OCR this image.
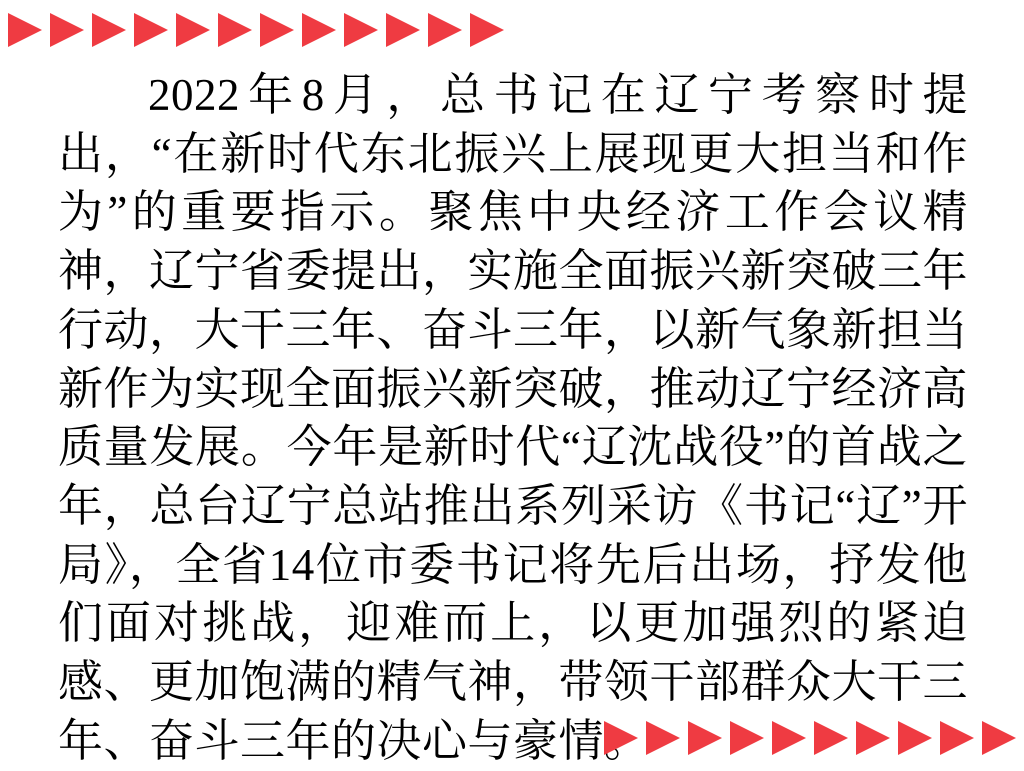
2022年8月，总书记在辽宁考察时提出，“在新时代东北振兴上展现更大担当和作为”的重要指示。聚焦中央经济工作会议精神，辽宁省委提出，实施全面振兴新突破三年行动，大干三年、奋斗三年，以新气象新担当新作为实现全面振兴新突破，推动辽宁经济高质量发展。今年是新时代“辽沈战役”的首战之年，总台辽宁总站推出系列采访《书记“辽”开局》，全省14位市委书记将先后出场，抒发他们面对挑战，迎难而上，以更加强烈的紧迫感、更加饱满的精气神，带领干部群众大干三年、奋斗三年的决心与豪情。
